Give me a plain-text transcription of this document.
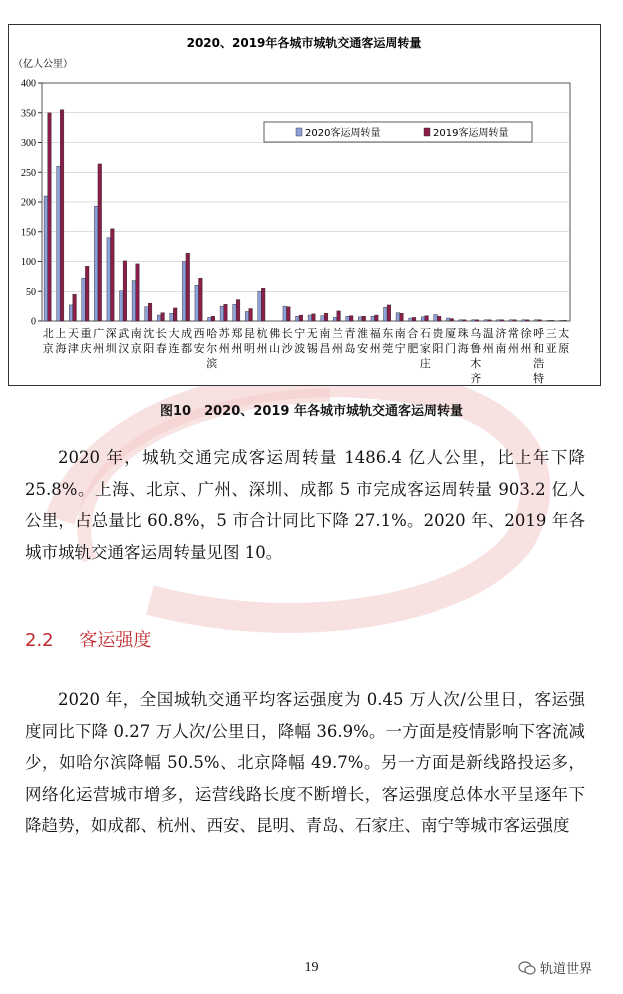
2020、2019年各城市城轨交通客运周转量
（亿人公里）
0
50
100
150
200
250
300
350
400
北
京
上
海
天
津
重
庆
广
州
深
圳
武
汉
南
京
沈
阳
长
春
大
连
成
都
西
安
哈
尔
滨
苏
州
郑
州
昆
明
杭
州
佛
山
长
沙
宁
波
无
锡
南
昌
兰
州
青
岛
淮
安
福
州
东
莞
南
宁
合
肥
石
家
庄
贵
阳
厦
门
珠
海
乌
鲁
木
齐
温
州
济
南
常
州
徐
州
呼
和
浩
特
三
亚
太
原
2020客运周转量	2019客运周转量
图10　2020、2019 年各城市城轨交通客运周转量

2020 年，城轨交通完成客运周转量 1486.4 亿人公里，比上年下降 25.8%。上海、北京、广州、深圳、成都 5 市完成客运周转量 903.2 亿人公里，占总量比 60.8%，5 市合计同比下降 27.1%。2020 年、2019 年各城市城轨交通客运周转量见图 10。

2.2 客运强度

2020 年，全国城轨交通平均客运强度为 0.45 万人次/公里日，客运强度同比下降 0.27 万人次/公里日，降幅 36.9%。一方面是疫情影响下客流减少，如哈尔滨降幅 50.5%、北京降幅 49.7%。另一方面是新线路投运多，网络化运营城市增多，运营线路长度不断增长，客运强度总体水平呈逐年下降趋势，如成都、杭州、西安、昆明、青岛、石家庄、南宁等城市客运强度

19	轨道世界
